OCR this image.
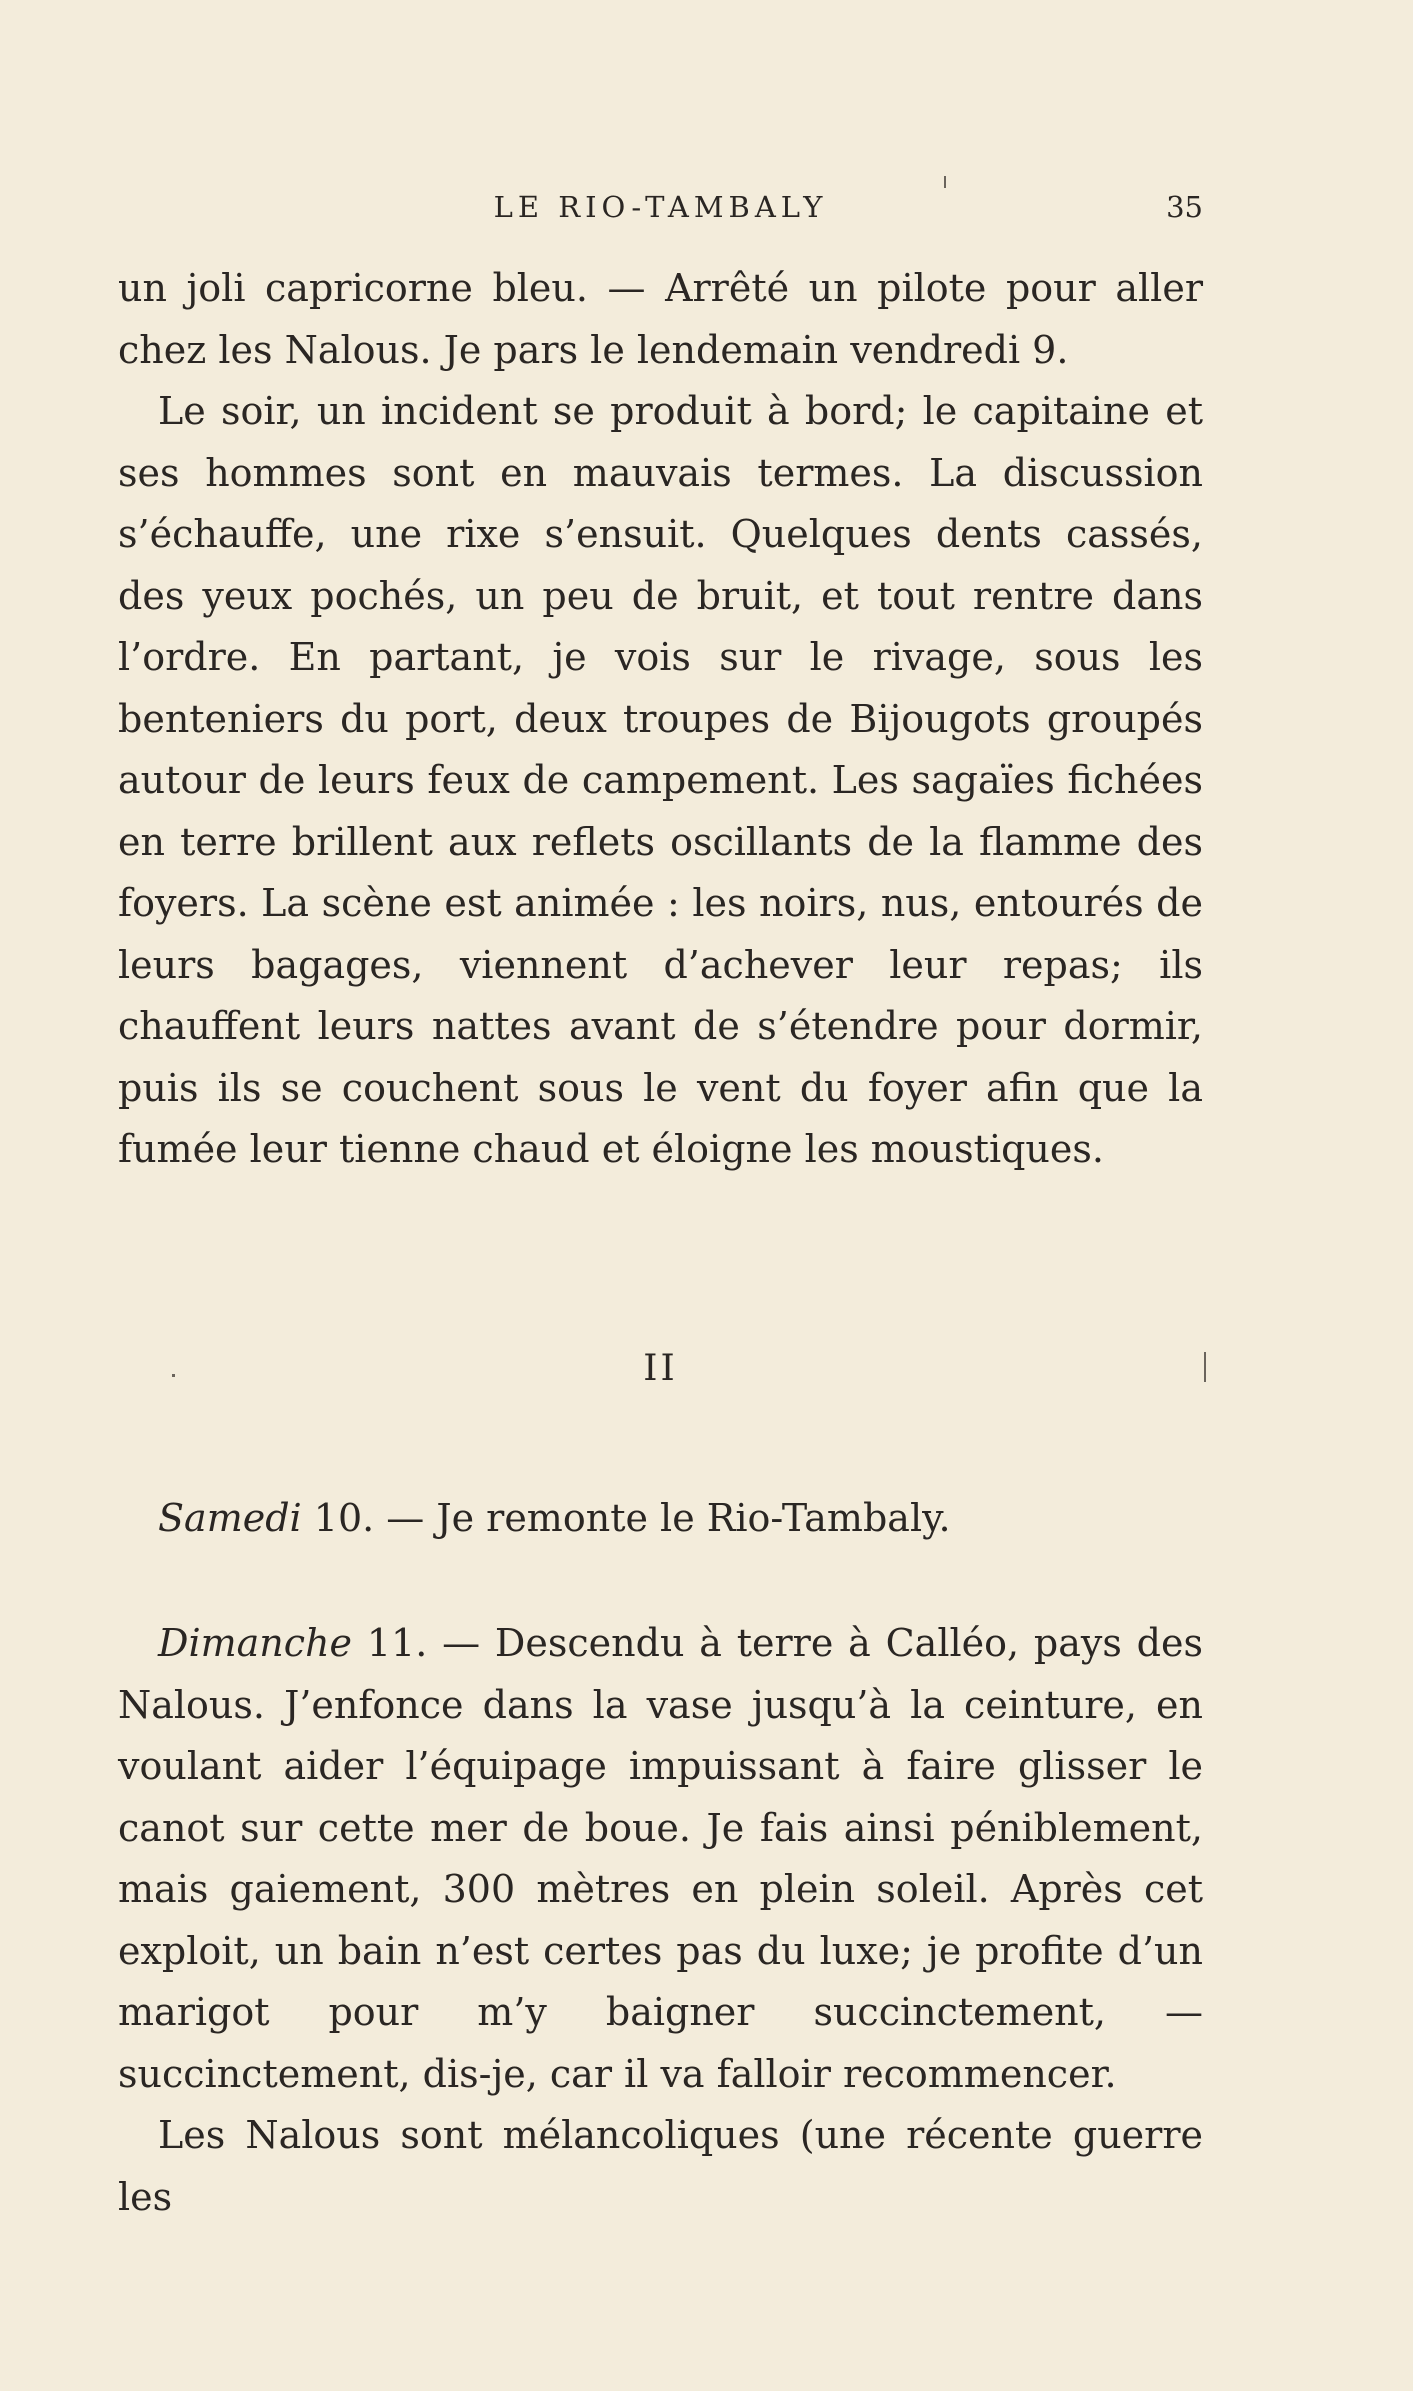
LE RIO-TAMBALY	35

un joli capricorne bleu. — Arrêté un pilote pour aller chez les Nalous. Je pars le lendemain vendredi 9.

Le soir, un incident se produit à bord; le capitaine et ses hommes sont en mauvais termes. La discussion s’échauffe, une rixe s’ensuit. Quelques dents cassés, des yeux pochés, un peu de bruit, et tout rentre dans l’ordre. En partant, je vois sur le rivage, sous les benteniers du port, deux troupes de Bijougots groupés autour de leurs feux de campement. Les sagaïes fichées en terre brillent aux reflets oscillants de la flamme des foyers. La scène est animée : les noirs, nus, entourés de leurs bagages, viennent d’achever leur repas; ils chauffent leurs nattes avant de s’étendre pour dormir, puis ils se couchent sous le vent du foyer afin que la fumée leur tienne chaud et éloigne les moustiques.

II

Samedi 10. — Je remonte le Rio-Tambaly.

Dimanche 11. — Descendu à terre à Calléo, pays des Nalous. J’enfonce dans la vase jusqu’à la ceinture, en voulant aider l’équipage impuissant à faire glisser le canot sur cette mer de boue. Je fais ainsi péniblement, mais gaiement, 300 mètres en plein soleil. Après cet exploit, un bain n’est certes pas du luxe; je profite d’un marigot pour m’y baigner succinctement, — succinctement, dis-je, car il va falloir recommencer.

Les Nalous sont mélancoliques (une récente guerre les
